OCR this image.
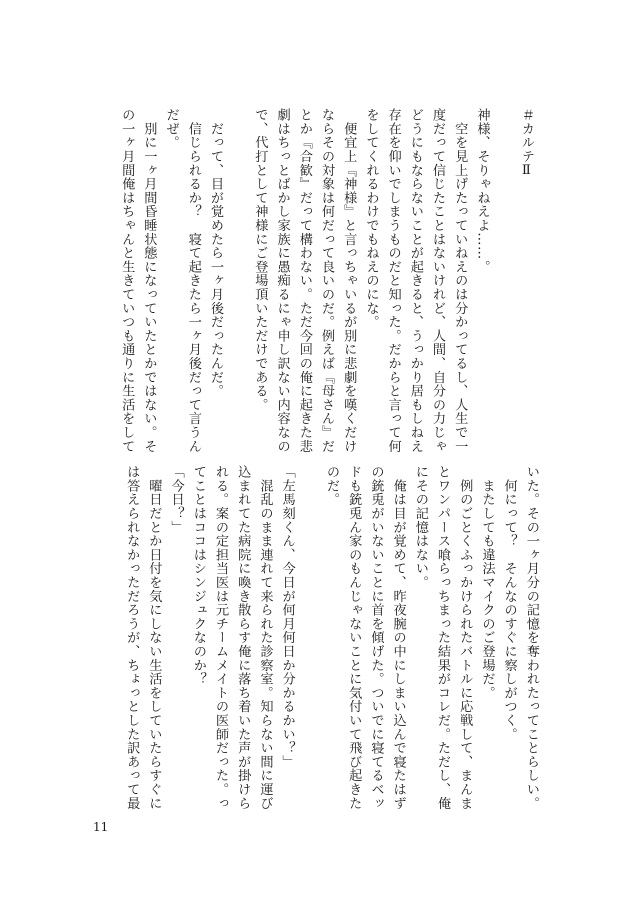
＃カルテⅡ

神様、そりゃねえよ……。

　空を見上げたっていねえのは分かってるし、人生で一

度だって信じたことはないけれど、人間、自分の力じゃ

どうにもならないことが起きると、うっかり居もしねえ

存在を仰いでしまうものだと知った。だからと言って何

をしてくれるわけでもねえのにな。

　便宜上『神様』と言っちゃいるが別に悲劇を嘆くだけ

ならその対象は何だって良いのだ。例えば『母さん』だ

とか『合歓』だって構わない。ただ今回の俺に起きた悲

劇はちっとばかし家族に愚痴るにゃ申し訳ない内容なの

で、代打として神様にご登場頂いただけである。

　だって、目が覚めたら一ヶ月後だったんだ。

　信じられるか？　寝て起きたら一ヶ月後だって言うん

だぜ。

　別に一ヶ月間昏睡状態になっていたとかではない。そ

の一ヶ月間俺はちゃんと生きていつも通りに生活をして

いた。その一ヶ月分の記憶を奪われたってことらしい。

　何にって？　そんなのすぐに察しがつく。

　またしても違法マイクのご登場だ。

　例のごとくふっかけられたバトルに応戦して、まんま

とワンパース喰らっちまった結果がコレだ。ただし、俺

にその記憶はない。

　俺は目が覚めて、昨夜腕の中にしまい込んで寝たはず

の銃兎がいないことに首を傾げた。ついでに寝てるベッ

ドも銃兎ん家のもんじゃないことに気付いて飛び起きた

のだ。

「左馬刻くん、今日が何月何日か分かるかい？」

　混乱のまま連れて来られた診察室。知らない間に運び

込まれてた病院に喚き散らす俺に落ち着いた声が掛けら

れる。案の定担当医は元チームメイトの医師だった。っ

てことはココはシンジュクなのか？

「今日？」

　曜日だとか日付を気にしない生活をしていたらすぐに

は答えられなかっただろうが、ちょっとした訳あって最

11
